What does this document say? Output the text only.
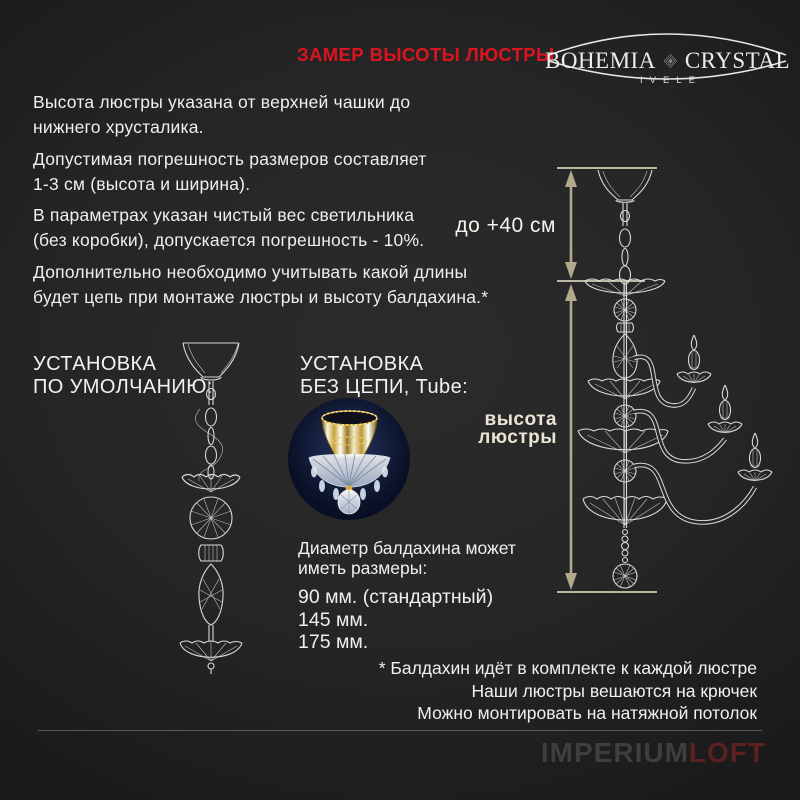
ЗАМЕР ВЫСОТЫ ЛЮСТРЫ
BOHEMIA CRYSTAL
IVELE
Высота люстры указана от верхней чашки до
нижнего хрусталика.
Допустимая погрешность размеров составляет
1-3 см (высота и ширина).
В параметрах указан чистый вес светильника
(без коробки), допускается погрешность - 10%.
Дополнительно необходимо учитывать какой длины
будет цепь при монтаже люстры и высоту балдахина.*
УСТАНОВКА
ПО УМОЛЧАНИЮ:
УСТАНОВКА
БЕЗ ЦЕПИ, Tube:
Диаметр балдахина может
иметь размеры:
90 мм. (стандартный)
145 мм.
175 мм.
до +40 см
высота
люстры
* Балдахин идёт в комплекте к каждой люстре
Наши люстры вешаются на крючек
Можно монтировать на натяжной потолок
IMPERIUMLOFT
